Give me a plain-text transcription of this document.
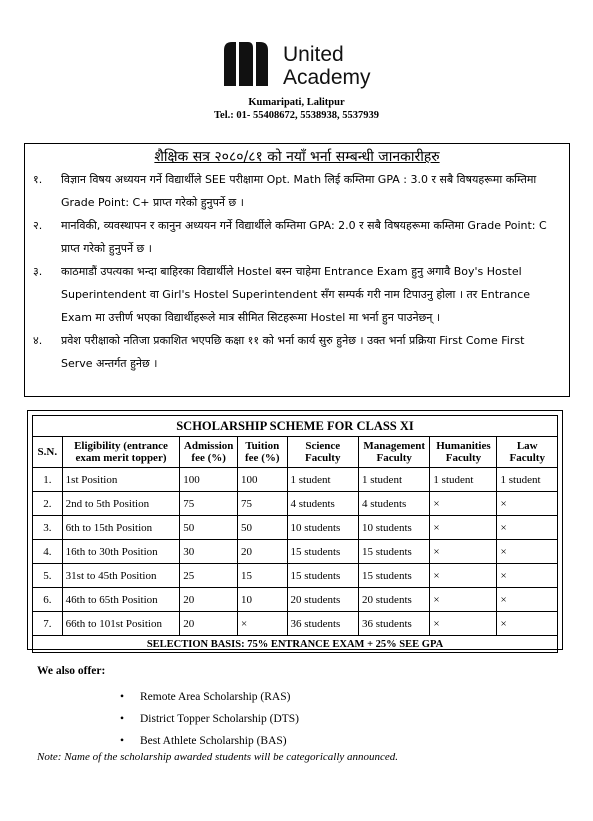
United
Academy
Kumaripati, Lalitpur
Tel.: 01- 55408672, 5538938, 5537939
शैक्षिक सत्र २०८०/८१ को नयाँ भर्ना सम्बन्धी जानकारीहरु
१.	विज्ञान विषय अध्ययन गर्ने विद्यार्थीले SEE परीक्षामा Opt. Math लिई कम्तिमा GPA : 3.0 र सबै विषयहरूमा कम्तिमा Grade Point: C+ प्राप्त गरेको हुनुपर्ने छ ।
२.	मानविकी, व्यवस्थापन र कानुन अध्ययन गर्ने विद्यार्थीले कम्तिमा GPA: 2.0 र सबै विषयहरूमा कम्तिमा Grade Point: C प्राप्त गरेको हुनुपर्ने छ ।
३.	काठमाडौं उपत्यका भन्दा बाहिरका विद्यार्थीले Hostel बस्न चाहेमा Entrance Exam हुनु अगावै Boy's Hostel Superintendent वा Girl's Hostel Superintendent सँग सम्पर्क गरी नाम टिपाउनु होला । तर Entrance Exam मा उत्तीर्ण भएका विद्यार्थीहरूले मात्र सीमित सिटहरूमा Hostel मा भर्ना हुन पाउनेछन् ।
४.	प्रवेश परीक्षाको नतिजा प्रकाशित भएपछि कक्षा ११ को भर्ना कार्य सुरु हुनेछ । उक्त भर्ना प्रक्रिया First Come First Serve अन्तर्गत हुनेछ ।
SCHOLARSHIP SCHEME FOR CLASS XI							
S.N.	Eligibility (entrance exam merit topper)	Admission fee (%)	Tuition fee (%)	Science Faculty	Management Faculty	Humanities Faculty	Law Faculty
1.	1st Position	100	100	1 student	1 student	1 student	1 student
2.	2nd to 5th Position	75	75	4 students	4 students	×	×
3.	6th to 15th Position	50	50	10 students	10 students	×	×
4.	16th to 30th Position	30	20	15 students	15 students	×	×
5.	31st to 45th Position	25	15	15 students	15 students	×	×
6.	46th to 65th Position	20	10	20 students	20 students	×	×
7.	66th to 101st Position	20	×	36 students	36 students	×	×
SELECTION BASIS: 75% ENTRANCE EXAM + 25% SEE GPA							
We also offer:
• Remote Area Scholarship (RAS)
• District Topper Scholarship (DTS)
• Best Athlete Scholarship (BAS)
Note: Name of the scholarship awarded students will be categorically announced.
